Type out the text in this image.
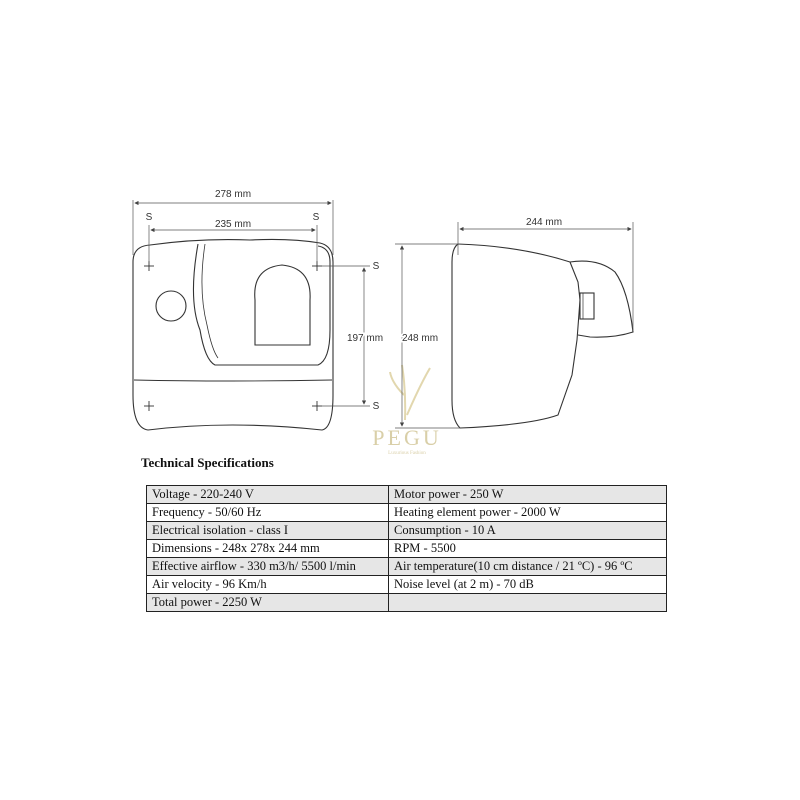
278 mm
235 mm
197 mm
S	S
S
S
PEGU
244 mm
248 mm
Luxurious Fashion
Technical Specifications
Voltage - 220-240 V	Motor power - 250 W
Frequency - 50/60 Hz	Heating element power - 2000 W
Electrical isolation - class I	Consumption - 10 A
Dimensions - 248x 278x 244 mm	RPM - 5500
Effective airflow - 330 m3/h/ 5500 l/min	Air temperature(10 cm distance / 21 ºC) - 96 ºC
Air velocity - 96 Km/h	Noise level (at 2 m) - 70 dB
Total power - 2250 W	
